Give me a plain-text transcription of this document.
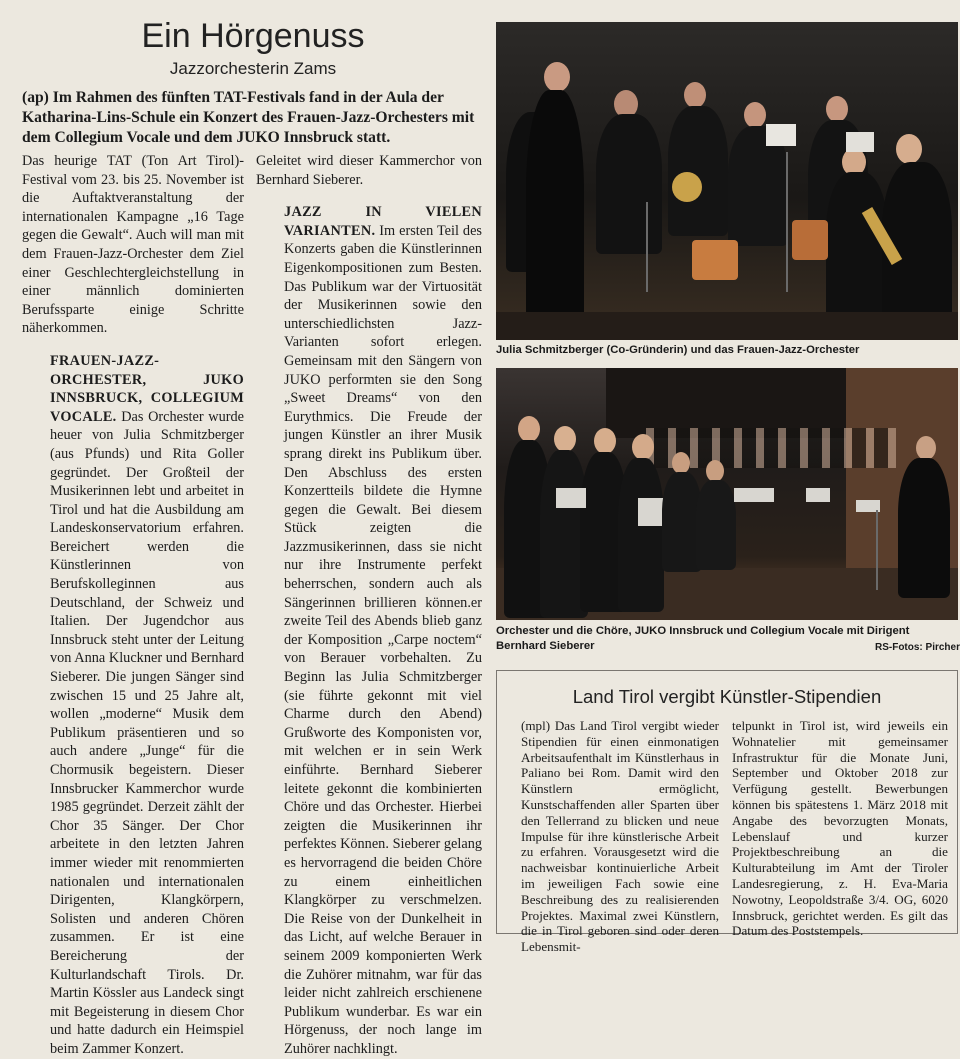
Ein Hörgenuss
Jazzorchesterin Zams
(ap) Im Rahmen des fünften TAT-Festivals fand in der Aula der Katharina-Lins-Schule ein Konzert des Frauen-Jazz-Orchesters mit dem Collegium Vocale und dem JUKO Innsbruck statt.

Das heurige TAT (Ton Art Tirol)-Festival vom 23. bis 25. November ist die Auftaktveranstaltung der internationalen Kampagne „16 Tage gegen die Gewalt“. Auch will man mit dem Frauen-Jazz-Orchester dem Ziel einer Geschlechtergleichstellung in einer männlich dominierten Berufssparte einige Schritte näherkommen.

FRAUEN-JAZZ-ORCHESTER, JUKO INNSBRUCK, COLLEGIUM VOCALE. Das Orchester wurde heuer von Julia Schmitzberger (aus Pfunds) und Rita Goller gegründet. Der Großteil der Musikerinnen lebt und arbeitet in Tirol und hat die Ausbildung am Landeskonservatorium erfahren. Bereichert werden die Künstlerinnen von Berufskolleginnen aus Deutschland, der Schweiz und Italien. Der Jugendchor aus Innsbruck steht unter der Leitung von Anna Kluckner und Bernhard Sieberer. Die jungen Sänger sind zwischen 15 und 25 Jahre alt, wollen „moderne“ Musik dem Publikum präsentieren und so auch andere „Junge“ für die Chormusik begeistern. Dieser Innsbrucker Kammerchor wurde 1985 gegründet. Derzeit zählt der Chor 35 Sänger. Der Chor arbeitete in den letzten Jahren immer wieder mit renommierten nationalen und internationalen Dirigenten, Klangkörpern, Solisten und anderen Chören zusammen. Er ist eine Bereicherung der Kulturlandschaft Tirols. Dr. Martin Kössler aus Landeck singt mit Begeisterung in diesem Chor und hatte dadurch ein Heimspiel beim Zammer Konzert.

Geleitet wird dieser Kammerchor von Bernhard Sieberer.

JAZZ IN VIELEN VARIANTEN. Im ersten Teil des Konzerts gaben die Künstlerinnen Eigenkompositionen zum Besten. Das Publikum war der Virtuosität der Musikerinnen sowie den unterschiedlichsten Jazz-Varianten sofort erlegen. Gemeinsam mit den Sängern von JUKO performten sie den Song „Sweet Dreams“ von den Eurythmics. Die Freude der jungen Künstler an ihrer Musik sprang direkt ins Publikum über. Den Abschluss des ersten Konzertteils bildete die Hymne gegen die Gewalt. Bei diesem Stück zeigten die Jazzmusikerinnen, dass sie nicht nur ihre Instrumente perfekt beherrschen, sondern auch als Sängerinnen brillieren können.er zweite Teil des Abends blieb ganz der Komposition „Carpe noctem“ von Berauer vorbehalten. Zu Beginn las Julia Schmitzberger (sie führte gekonnt mit viel Charme durch den Abend) Grußworte des Komponisten vor, mit welchen er in sein Werk einführte. Bernhard Sieberer leitete gekonnt die kombinierten Chöre und das Orchester. Hierbei zeigten die Musikerinnen ihr perfektes Können. Sieberer gelang es hervorragend die beiden Chöre zu einem einheitlichen Klangkörper zu verschmelzen. Die Reise von der Dunkelheit in das Licht, auf welche Berauer in seinem 2009 komponierten Werk die Zuhörer mitnahm, war für das leider nicht zahlreich erschienene Publikum wunderbar. Es war ein Hörgenuss, der noch lange im Zuhörer nachklingt.

Julia Schmitzberger (Co-Gründerin) und das Frauen-Jazz-Orchester
Orchester und die Chöre, JUKO Innsbruck und Collegium Vocale mit Dirigent Bernhard Sieberer	RS-Fotos: Pircher
Land Tirol vergibt Künstler-Stipendien

(mpl) Das Land Tirol vergibt wieder Stipendien für einen einmonatigen Arbeitsaufenthalt im Künstlerhaus in Paliano bei Rom. Damit wird den Künstlern ermöglicht, Kunstschaffenden aller Sparten über den Tellerrand zu blicken und neue Impulse für ihre künstlerische Arbeit zu erfahren. Vorausgesetzt wird die nachweisbar kontinuierliche Arbeit im jeweiligen Fach sowie eine Beschreibung des zu realisierenden Projektes. Maximal zwei Künstlern, die in Tirol geboren sind oder deren Lebensmit-

telpunkt in Tirol ist, wird jeweils ein Wohnatelier mit gemeinsamer Infrastruktur für die Monate Juni, September und Oktober 2018 zur Verfügung gestellt. Bewerbungen können bis spätestens 1. März 2018 mit Angabe des bevorzugten Monats, Lebenslauf und kurzer Projektbeschreibung an die Kulturabteilung im Amt der Tiroler Landesregierung, z. H. Eva-Maria Nowotny, Leopoldstraße 3/4. OG, 6020 Innsbruck, gerichtet werden. Es gilt das Datum des Poststempels.
